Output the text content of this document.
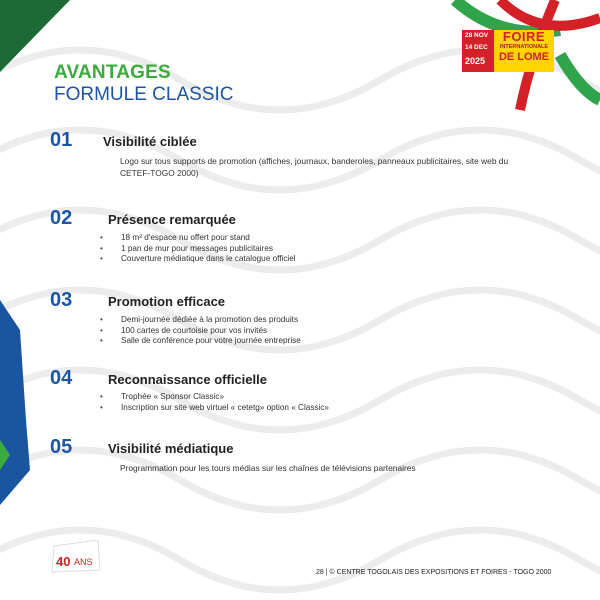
28 NOV
14 DEC
2025
FOIRE
INTERNATIONALE
DE LOME
AVANTAGES
FORMULE CLASSIC
01 Visibilité ciblée
Logo sur tous supports de promotion (affiches, journaux, banderoles, panneaux publicitaires, site web du CETEF-TOGO 2000)
02	Présence remarquée
• 18 m² d'espace nu offert pour stand
• 1 pan de mur pour messages publicitaires
• Couverture médiatique dans le catalogue officiel
03	Promotion efficace
• Demi-journée dédiée à la promotion des produits
• 100 cartes de courtoisie pour vos invités
• Salle de conférence pour votre journée entreprise
04	Reconnaissance officielle
• Trophée « Sponsor Classic»
• Inscription sur site web virtuel « cetetg» option « Classic»
05	Visibilité médiatique
Programmation pour les tours médias sur les chaînes de télévisions partenaires
40 ANS
28 | © CENTRE TOGOLAIS DES EXPOSITIONS ET FOIRES - TOGO 2000
